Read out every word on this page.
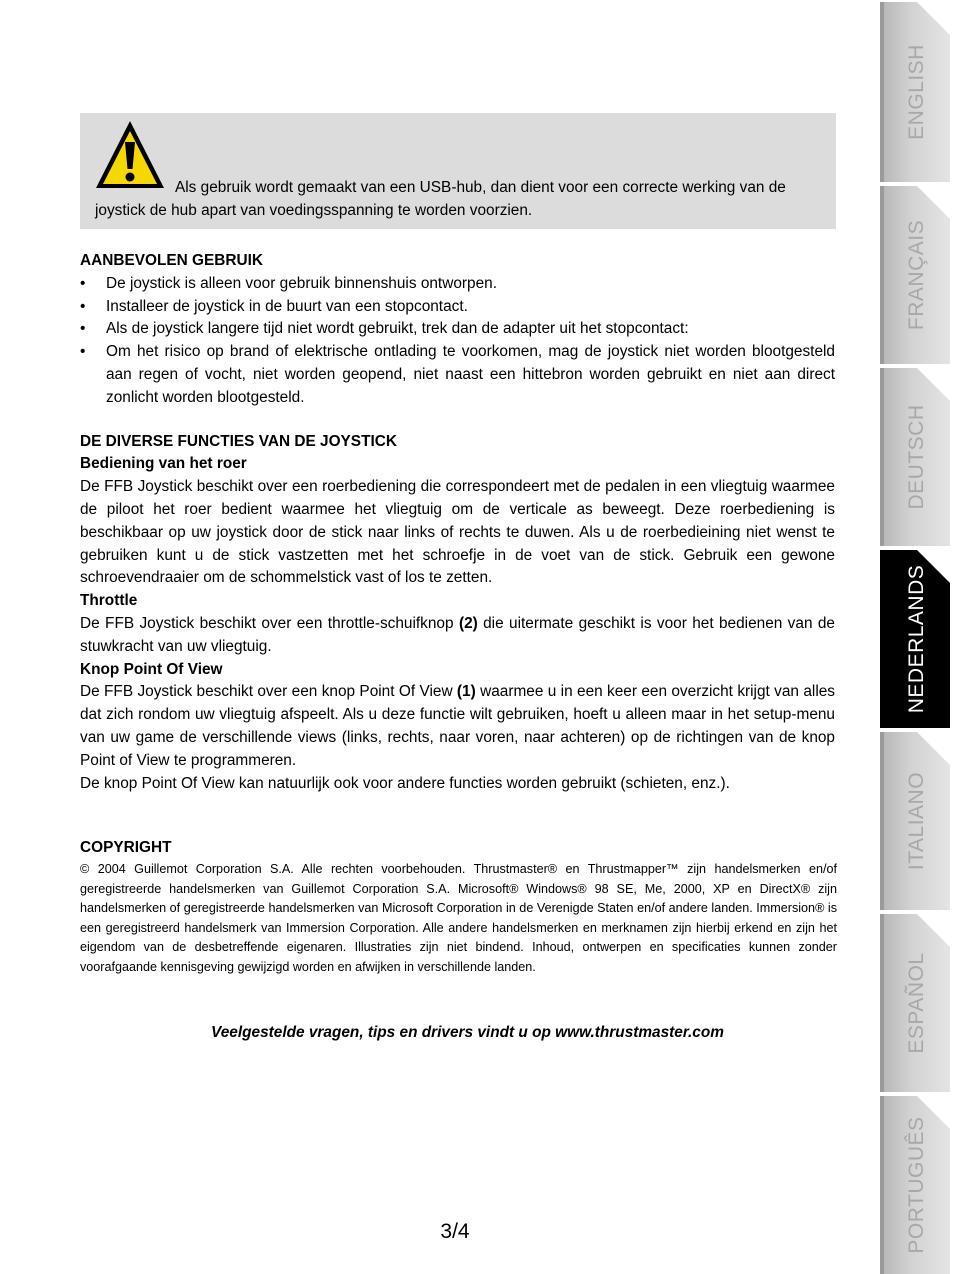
Als gebruik wordt gemaakt van een USB-hub, dan dient voor een correcte werking van de joystick de hub apart van voedingsspanning te worden voorzien.

AANBEVOLEN GEBRUIK

• De joystick is alleen voor gebruik binnenshuis ontworpen.
• Installeer de joystick in de buurt van een stopcontact.
• Als de joystick langere tijd niet wordt gebruikt, trek dan de adapter uit het stopcontact:
• Om het risico op brand of elektrische ontlading te voorkomen, mag de joystick niet worden blootgesteld aan regen of vocht, niet worden geopend, niet naast een hittebron worden gebruikt en niet aan direct zonlicht worden blootgesteld.

DE DIVERSE FUNCTIES VAN DE JOYSTICK

Bediening van het roer

De FFB Joystick beschikt over een roerbediening die correspondeert met de pedalen in een vliegtuig waarmee de piloot het roer bedient waarmee het vliegtuig om de verticale as beweegt. Deze roerbediening is beschikbaar op uw joystick door de stick naar links of rechts te duwen. Als u de roerbedieining niet wenst te gebruiken kunt u de stick vastzetten met het schroefje in de voet van de stick. Gebruik een gewone schroevendraaier om de schommelstick vast of los te zetten.

Throttle

De FFB Joystick beschikt over een throttle-schuifknop (2) die uitermate geschikt is voor het bedienen van de stuwkracht van uw vliegtuig.

Knop Point Of View

De FFB Joystick beschikt over een knop Point Of View (1) waarmee u in een keer een overzicht krijgt van alles dat zich rondom uw vliegtuig afspeelt. Als u deze functie wilt gebruiken, hoeft u alleen maar in het setup-menu van uw game de verschillende views (links, rechts, naar voren, naar achteren) op de richtingen van de knop Point of View te programmeren.

De knop Point Of View kan natuurlijk ook voor andere functies worden gebruikt (schieten, enz.).

COPYRIGHT

© 2004 Guillemot Corporation S.A. Alle rechten voorbehouden. Thrustmaster® en Thrustmapper™ zijn handelsmerken en/of geregistreerde handelsmerken van Guillemot Corporation S.A. Microsoft® Windows® 98 SE, Me, 2000, XP en DirectX® zijn handelsmerken of geregistreerde handelsmerken van Microsoft Corporation in de Verenigde Staten en/of andere landen. Immersion® is een geregistreerd handelsmerk van Immersion Corporation. Alle andere handelsmerken en merknamen zijn hierbij erkend en zijn het eigendom van de desbetreffende eigenaren. Illustraties zijn niet bindend. Inhoud, ontwerpen en specificaties kunnen zonder voorafgaande kennisgeving gewijzigd worden en afwijken in verschillende landen.

Veelgestelde vragen, tips en drivers vindt u op www.thrustmaster.com
3/4
ENGLISH
FRANÇAIS
DEUTSCH
NEDERLANDS
ITALIANO
ESPAÑOL
PORTUGUÊS
